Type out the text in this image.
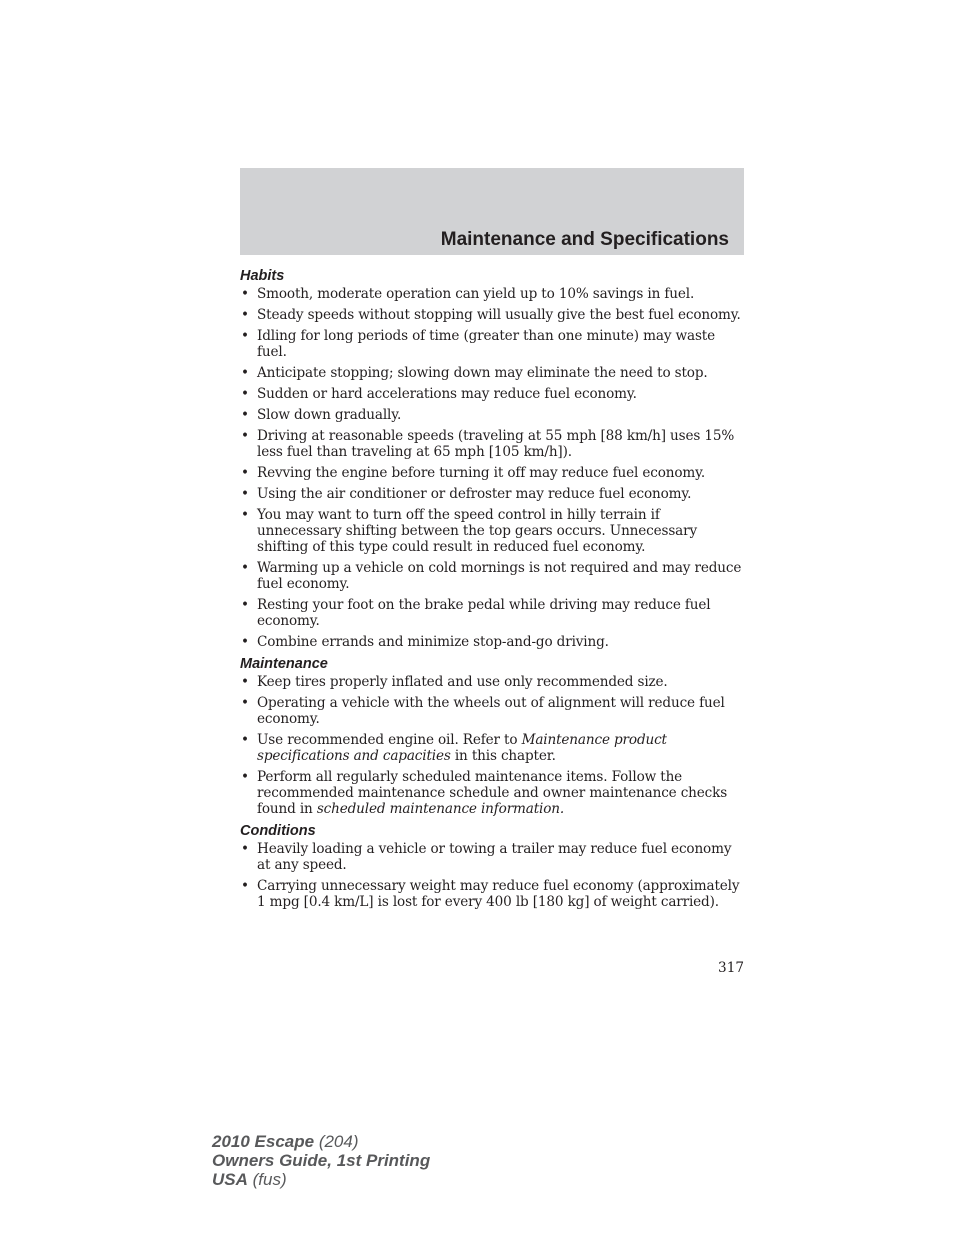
Maintenance and Specifications
Habits
• Smooth, moderate operation can yield up to 10% savings in fuel.
• Steady speeds without stopping will usually give the best fuel economy.
• Idling for long periods of time (greater than one minute) may waste fuel.
• Anticipate stopping; slowing down may eliminate the need to stop.
• Sudden or hard accelerations may reduce fuel economy.
• Slow down gradually.
• Driving at reasonable speeds (traveling at 55 mph [88 km/h] uses 15% less fuel than traveling at 65 mph [105 km/h]).
• Revving the engine before turning it off may reduce fuel economy.
• Using the air conditioner or defroster may reduce fuel economy.
• You may want to turn off the speed control in hilly terrain if unnecessary shifting between the top gears occurs. Unnecessary shifting of this type could result in reduced fuel economy.
• Warming up a vehicle on cold mornings is not required and may reduce fuel economy.
• Resting your foot on the brake pedal while driving may reduce fuel economy.
• Combine errands and minimize stop-and-go driving.
Maintenance
• Keep tires properly inflated and use only recommended size.
• Operating a vehicle with the wheels out of alignment will reduce fuel economy.
• Use recommended engine oil. Refer to Maintenance product specifications and capacities in this chapter.
• Perform all regularly scheduled maintenance items. Follow the recommended maintenance schedule and owner maintenance checks found in scheduled maintenance information.
Conditions
• Heavily loading a vehicle or towing a trailer may reduce fuel economy at any speed.
• Carrying unnecessary weight may reduce fuel economy (approximately 1 mpg [0.4 km/L] is lost for every 400 lb [180 kg] of weight carried).
317
2010 Escape (204)
Owners Guide, 1st Printing
USA (fus)
